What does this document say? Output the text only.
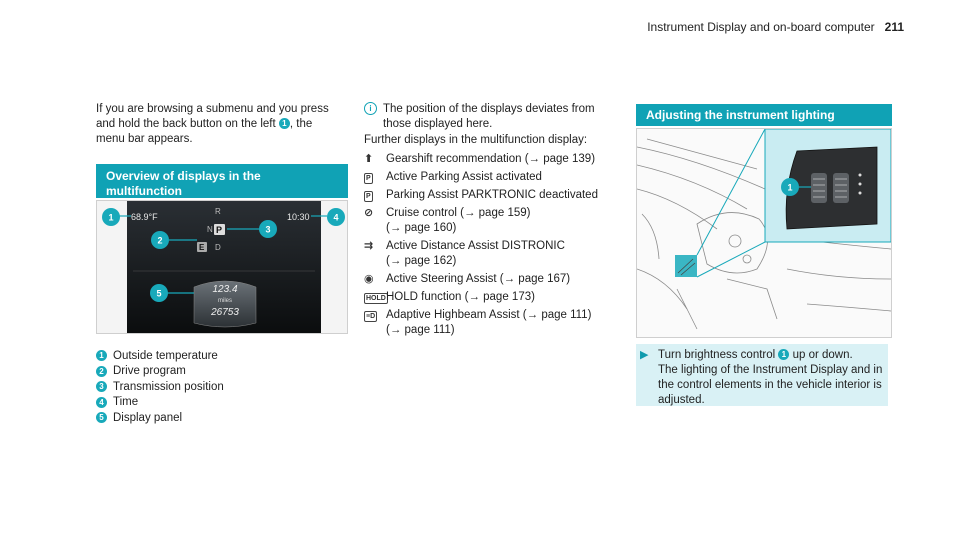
Instrument Display and on-board computer 211
If you are browsing a submenu and you press
and hold the back button on the left 1 , the
menu bar appears.
Overview of displays in the multifunction
68.9°F	10:30
R
N P
D
E
123.4
miles
26753
1
2
3
4
5
1 Outside temperature
2 Drive program
3 Transmission position
4 Time
5 Display panel
i The position of the displays deviates from
those displayed here.
Further displays in the multifunction display:
⬆	Gearshift recommendation (→ page 139)
P	Active Parking Assist activated
P	Parking Assist PARKTRONIC deactivated
⊘	Cruise control (→ page 159)
(→ page 160)
⇉	Active Distance Assist DISTRONIC
(→ page 162)
◉	Active Steering Assist (→ page 167)
HOLD HOLD function (→ page 173)
≡D Adaptive Highbeam Assist (→ page 111)
(→ page 111)
Adjusting the instrument lighting
1
▶ Turn brightness control 1 up or down.
The lighting of the Instrument Display and in
the control elements in the vehicle interior is
adjusted.
